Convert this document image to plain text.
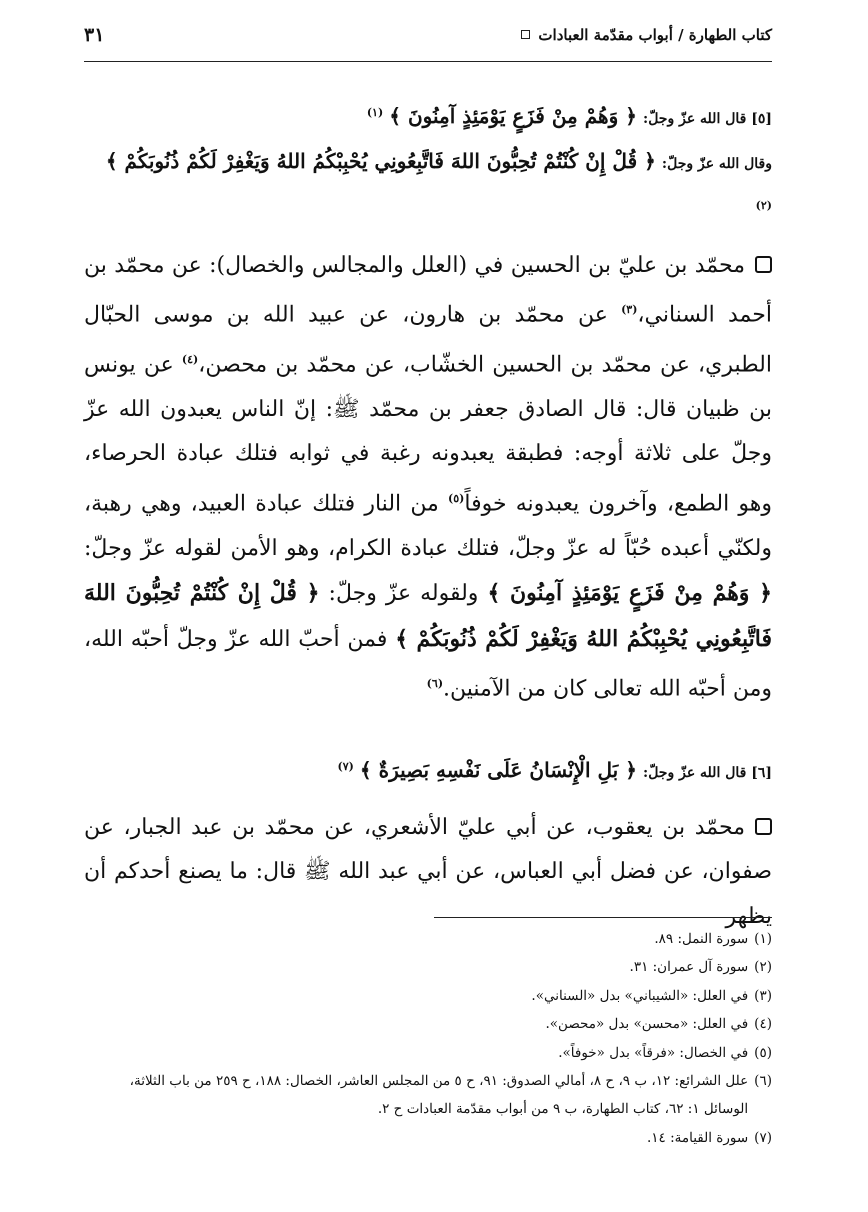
كتاب الطهارة / أبواب مقدّمة العبادات
٣١
[٥] قال الله عزّ وجلّ: ﴿ وَهُمْ مِنْ فَزَعٍ يَوْمَئِذٍ آمِنُونَ ﴾ $^{(١)}$
وقال الله عزّ وجلّ: ﴿ قُلْ إِنْ كُنْتُمْ تُحِبُّونَ اللهَ فَاتَّبِعُونِي يُحْبِبْكُمُ اللهُ وَيَغْفِرْ لَكُمْ ذُنُوبَكُمْ ﴾ $^{(٢)}$

محمّد بن عليّ بن الحسين في (العلل والمجالس والخصال): عن محمّد بن أحمد السناني،$^{(٣)}$ عن محمّد بن هارون، عن عبيد الله بن موسى الحبّال الطبري، عن محمّد بن الحسين الخشّاب، عن محمّد بن محصن،$^{(٤)}$ عن يونس بن ظبيان قال: قال الصادق جعفر بن محمّد ﷺ: إنّ الناس يعبدون الله عزّ وجلّ على ثلاثة أوجه: فطبقة يعبدونه رغبة في ثوابه فتلك عبادة الحرصاء، وهو الطمع، وآخرون يعبدونه خوفاً$^{(٥)}$ من النار فتلك عبادة العبيد، وهي رهبة، ولكنّي أعبده حُبّاً له عزّ وجلّ، فتلك عبادة الكرام، وهو الأمن لقوله عزّ وجلّ: ﴿ وَهُمْ مِنْ فَزَعٍ يَوْمَئِذٍ آمِنُونَ ﴾ ولقوله عزّ وجلّ: ﴿ قُلْ إِنْ كُنْتُمْ تُحِبُّونَ اللهَ فَاتَّبِعُونِي يُحْبِبْكُمُ اللهُ وَيَغْفِرْ لَكُمْ ذُنُوبَكُمْ ﴾ فمن أحبّ الله عزّ وجلّ أحبّه الله، ومن أحبّه الله تعالى كان من الآمنين.$^{(٦)}$

[٦] قال الله عزّ وجلّ: ﴿ بَلِ الْإِنْسَانُ عَلَى نَفْسِهِ بَصِيرَةٌ ﴾ $^{(٧)}$

محمّد بن يعقوب، عن أبي عليّ الأشعري، عن محمّد بن عبد الجبار، عن صفوان، عن فضل أبي العباس، عن أبي عبد الله ﷺ قال: ما يصنع أحدكم أن يظهر

(١)
سورة النمل: ٨٩.
(٢)
سورة آل عمران: ٣١.
(٣)
في العلل: «الشيباني» بدل «السناني».
(٤)
في العلل: «محسن» بدل «محصن».
(٥)
في الخصال: «فرقاً» بدل «خوفاً».
(٦)
علل الشرائع: ١٢، ب ٩، ح ٨، أمالي الصدوق: ٩١، ح ٥ من المجلس العاشر، الخصال: ١٨٨، ح ٢٥٩ من باب الثلاثة، الوسائل ١: ٦٢، كتاب الطهارة، ب ٩ من أبواب مقدّمة العبادات ح ٢.
(٧)
سورة القيامة: ١٤.
